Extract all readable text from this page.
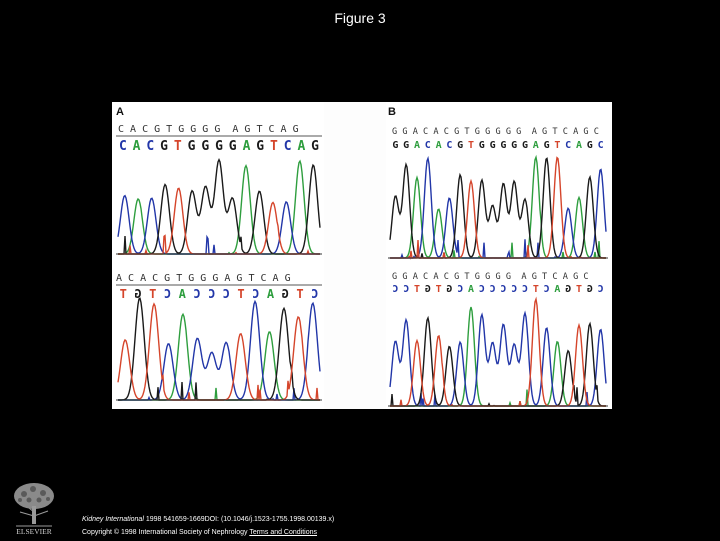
Figure 3
A
C A C G T G G G G  A G T C A G
C A C G T G G G G A G T C A G
A C A C G T G G G A G T C A G
T G T C A C C C T C A G T C
B
G G A C A C G T G G G G G  A G T C A G C
G G A C A C G T G G G G G A G T C A G C
G G A C A C G T G G G G  A G T C A G C
C C T G T G C A C C C C C T C A G T G C
ELSEVIER
Kidney International 1998 541659-1669DOI: (10.1046/j.1523-1755.1998.00139.x)
Copyright © 1998 International Society of Nephrology Terms and Conditions
